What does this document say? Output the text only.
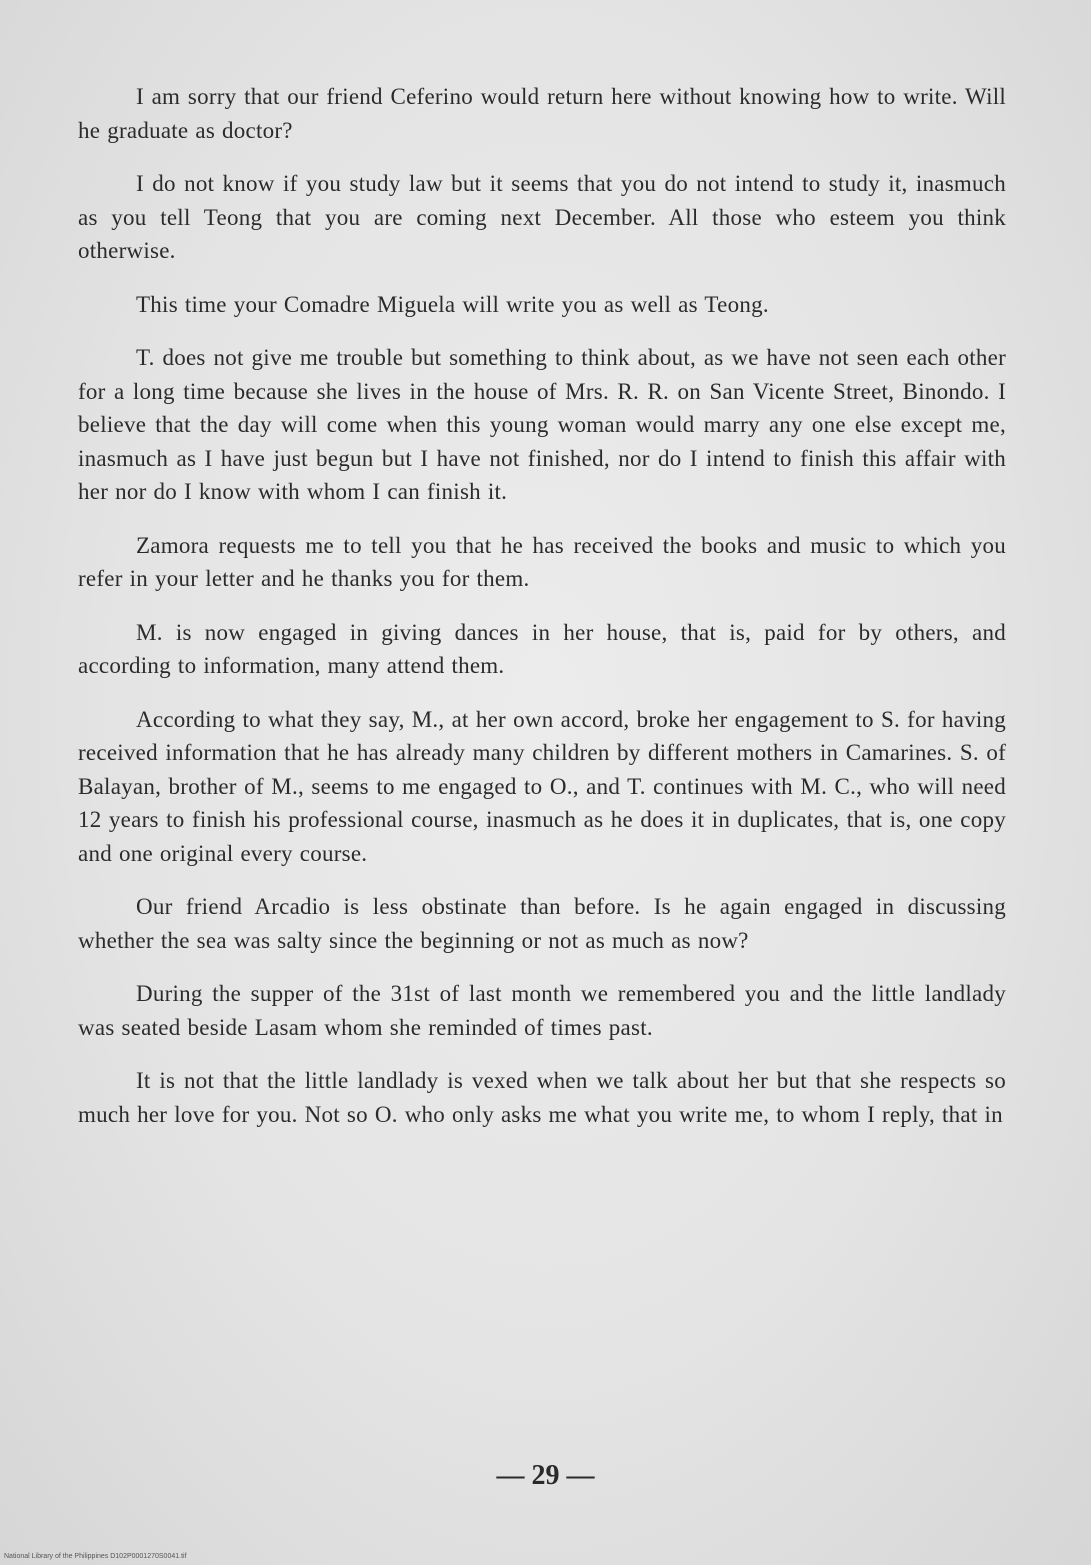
I am sorry that our friend Ceferino would return here without knowing how to write. Will he graduate as doctor?

I do not know if you study law but it seems that you do not intend to study it, inasmuch as you tell Teong that you are coming next December. All those who esteem you think otherwise.

This time your Comadre Miguela will write you as well as Teong.

T. does not give me trouble but something to think about, as we have not seen each other for a long time because she lives in the house of Mrs. R. R. on San Vicente Street, Binondo. I believe that the day will come when this young woman would marry any one else except me, inasmuch as I have just begun but I have not finished, nor do I intend to finish this affair with her nor do I know with whom I can finish it.

Zamora requests me to tell you that he has received the books and music to which you refer in your letter and he thanks you for them.

M. is now engaged in giving dances in her house, that is, paid for by others, and according to information, many attend them.

According to what they say, M., at her own accord, broke her engagement to S. for having received information that he has already many children by different mothers in Camarines. S. of Balayan, brother of M., seems to me engaged to O., and T. continues with M. C., who will need 12 years to finish his professional course, inasmuch as he does it in duplicates, that is, one copy and one original every course.

Our friend Arcadio is less obstinate than before. Is he again engaged in discussing whether the sea was salty since the beginning or not as much as now?

During the supper of the 31st of last month we remembered you and the little landlady was seated beside Lasam whom she reminded of times past.

It is not that the little landlady is vexed when we talk about her but that she respects so much her love for you. Not so O. who only asks me what you write me, to whom I reply, that in

— 29 —
National Library of the Philippines D102P0001270S0041.tif
